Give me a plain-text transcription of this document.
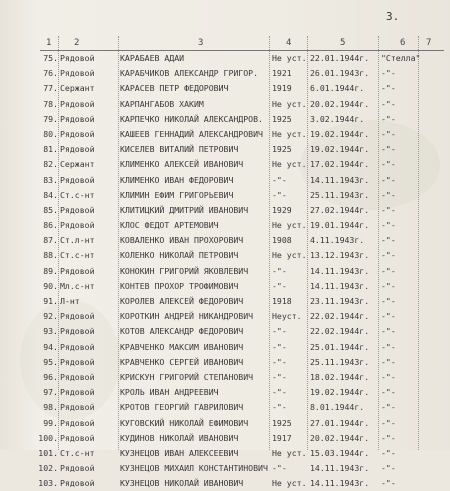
3.
1	2	3	4	5	6 7
75. Рядовой	КАРАБАЕВ АДАИ	Не уст. 22.01.1944г. "Стелла"
76. Рядовой	КАРАБЧИКОВ АЛЕКСАНДР ГРИГОР. 1921 26.01.1943г. -"-
77. Сержант	КАРАСЕВ ПЕТР ФЕДОРОВИЧ	1919 6.01.1944г. -"-
78. Рядовой	КАРПАНГАБОВ ХАКИМ	Не уст. 20.02.1944г. -"-
79. Рядовой	КАРПЕЧКО НИКОЛАЙ АЛЕКСАНДРОВ. 1925 3.02.1944г. -"-
80. Рядовой	КАШЕЕВ ГЕННАДИЙ АЛЕКСАНДРОВИЧ Не уст. 19.02.1944г. -"-
81. Рядовой	КИСЕЛЕВ ВИТАЛИЙ ПЕТРОВИЧ	1925 19.02.1944г. -"-
82. Сержант	КЛИМЕНКО АЛЕКСЕЙ ИВАНОВИЧ	Не уст. 17.02.1944г. -"-
83. Рядовой	КЛИМЕНКО ИВАН ФЕДОРОВИЧ	-"-	14.11.1943г. -"-
84. Ст.с-нт	КЛИМИН ЕФИМ ГРИГОРЬЕВИЧ	-"-	25.11.1943г. -"-
85. Рядовой	КЛИТИЦКИЙ ДМИТРИЙ ИВАНОВИЧ	1929 27.02.1944г. -"-
86. Рядовой	КЛОС ФЕДОТ АРТЕМОВИЧ	Не уст. 19.01.1944г. -"-
87. Ст.л-нт	КОВАЛЕНКО ИВАН ПРОХОРОВИЧ	1908 4.11.1943г. -"-
88. Ст.с-нт	КОЛЕНКО НИКОЛАЙ ПЕТРОВИЧ	Не уст. 13.12.1943г. -"-
89. Рядовой	КОНОКИН ГРИГОРИЙ ЯКОВЛЕВИЧ	-"-	14.11.1943г. -"-
90. Мл.с-нт	КОНТЕВ ПРОХОР ТРОФИМОВИЧ	-"-	14.11.1943г. -"-
91. Л-нт	КОРОЛЕВ АЛЕКСЕЙ ФЕДОРОВИЧ	1918 23.11.1943г. -"-
92. Рядовой	КОРОТКИН АНДРЕЙ НИКАНДРОВИЧ Неуст. 22.02.1944г. -"-
93. Рядовой	КОТОВ АЛЕКСАНДР ФЕДОРОВИЧ	-"-	22.02.1944г. -"-
94. Рядовой	КРАВЧЕНКО МАКСИМ ИВАНОВИЧ	-"-	25.01.1944г. -"-
95. Рядовой	КРАВЧЕНКО СЕРГЕЙ ИВАНОВИЧ	-"-	25.11.1943г. -"-
96. Рядовой	КРИСКУН ГРИГОРИЙ СТЕПАНОВИЧ -"-	18.02.1944г. -"-
97. Рядовой	КРОЛЬ ИВАН АНДРЕЕВИЧ	-"-	19.02.1944г. -"-
98. Рядовой	КРОТОВ ГЕОРГИЙ ГАВРИЛОВИЧ	-"-	8.01.1944г. -"-
99. Рядовой	КУГОВСКИЙ НИКОЛАЙ ЕФИМОВИЧ	1925 27.01.1944г. -"-
100. Рядовой	КУДИНОВ НИКОЛАЙ ИВАНОВИЧ	1917 20.02.1944г. -"-
101. Ст.с-нт	КУЗНЕЦОВ ИВАН АЛЕКСЕЕВИЧ	Не уст. 15.03.1944г. -"-
102. Рядовой	КУЗНЕЦОВ МИХАИЛ КОНСТАНТИНОВИЧ -"-	14.11.1943г. -"-
103. Рядовой	КУЗНЕЦОВ НИКОЛАЙ ИВАНОВИЧ	Не уст. 14.11.1943г. -"-
